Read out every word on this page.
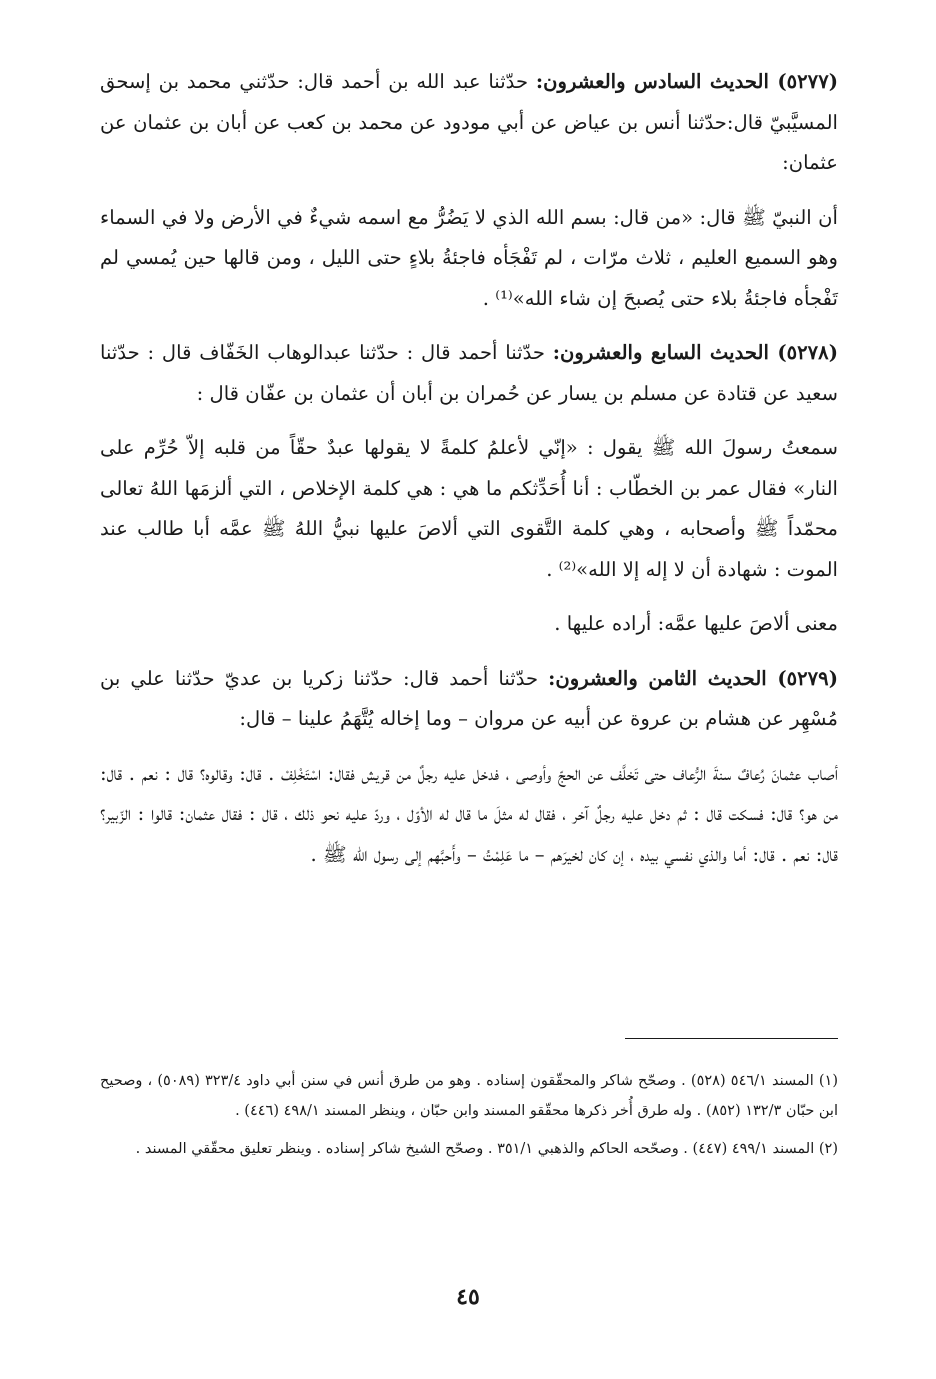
(٥٢٧٧) الحديث السادس والعشرون: حدّثنا عبد الله بن أحمد قال: حدّثني محمد بن إسحق المسيَّبيّ قال:حدّثنا أنس بن عياض عن أبي مودود عن محمد بن كعب عن أبان بن عثمان عن عثمان:

أن النبيّ ﷺ قال: «من قال: بسم الله الذي لا يَضُرُّ مع اسمه شيءٌ في الأرض ولا في السماء وهو السميع العليم ، ثلاث مرّات ، لم تَفْجَأه فاجئةُ بلاءٍ حتى الليل ، ومن قالها حين يُمسي لم تَفْجأه فاجئةُ بلاء حتى يُصبحَ إن شاء الله»⁽¹⁾ .

(٥٢٧٨) الحديث السابع والعشرون: حدّثنا أحمد قال : حدّثنا عبدالوهاب الخَفّاف قال : حدّثنا سعيد عن قتادة عن مسلم بن يسار عن حُمران بن أبان أن عثمان بن عفّان قال :

سمعتُ رسولَ الله ﷺ يقول : «إنّي لأعلمُ كلمةً لا يقولها عبدٌ حقّاً من قلبه إلاّ حُرِّم على النار» فقال عمر بن الخطّاب : أنا أُحَدِّثكم ما هي : هي كلمة الإخلاص ، التي ألزمَها اللهُ تعالى محمّداً ﷺ وأصحابه ، وهي كلمة التَّقوى التي ألاصَ عليها نبيُّ اللهُ ﷺ عمَّه أبا طالب عند الموت : شهادة أن لا إله إلا الله»⁽²⁾ .

معنى ألاصَ عليها عمَّه: أراده عليها .

(٥٢٧٩) الحديث الثامن والعشرون: حدّثنا أحمد قال: حدّثنا زكريا بن عديّ حدّثنا علي بن مُسْهِر عن هشام بن عروة عن أبيه عن مروان – وما إخاله يُتَّهَمُ علينا – قال:

أصاب عثمانَ رُعافٌ سنةَ الرُّعاف حتى تَخلَّف عن الحجّ وأوصى ، فدخل عليه رجلٌ من قريش فقال: اسْتَخْلِفْ . قال: وقالوه؟ قال : نعم . قال: من هو؟ قال: فسكت قال : ثم دخل عليه رجلٌ آخر ، فقال له مثلَ ما قال له الأوّل ، وردّ عليه نحو ذلك ، قال : فقال عثمان: قالوا : الزّبير؟ قال: نعم . قال: أما والذي نفسي بيده ، إن كان لخيرَهم – ما عَلِمْتُ – وأَحبَّهم إلى رسول الله ﷺ .

(١) المسند ٥٤٦/١ (٥٢٨) . وصحّح شاكر والمحقّقون إسناده . وهو من طرق أنس في سنن أبي داود ٣٢٣/٤ (٥٠٨٩) ، وصحيح ابن حبّان ١٣٢/٣ (٨٥٢) . وله طرق أُخر ذكرها محقّقو المسند وابن حبّان ، وينظر المسند ٤٩٨/١ (٤٤٦) .

(٢) المسند ٤٩٩/١ (٤٤٧) . وصحّحه الحاكم والذهبي ٣٥١/١ . وصحّح الشيخ شاكر إسناده . وينظر تعليق محقّقي المسند .

٤٥
